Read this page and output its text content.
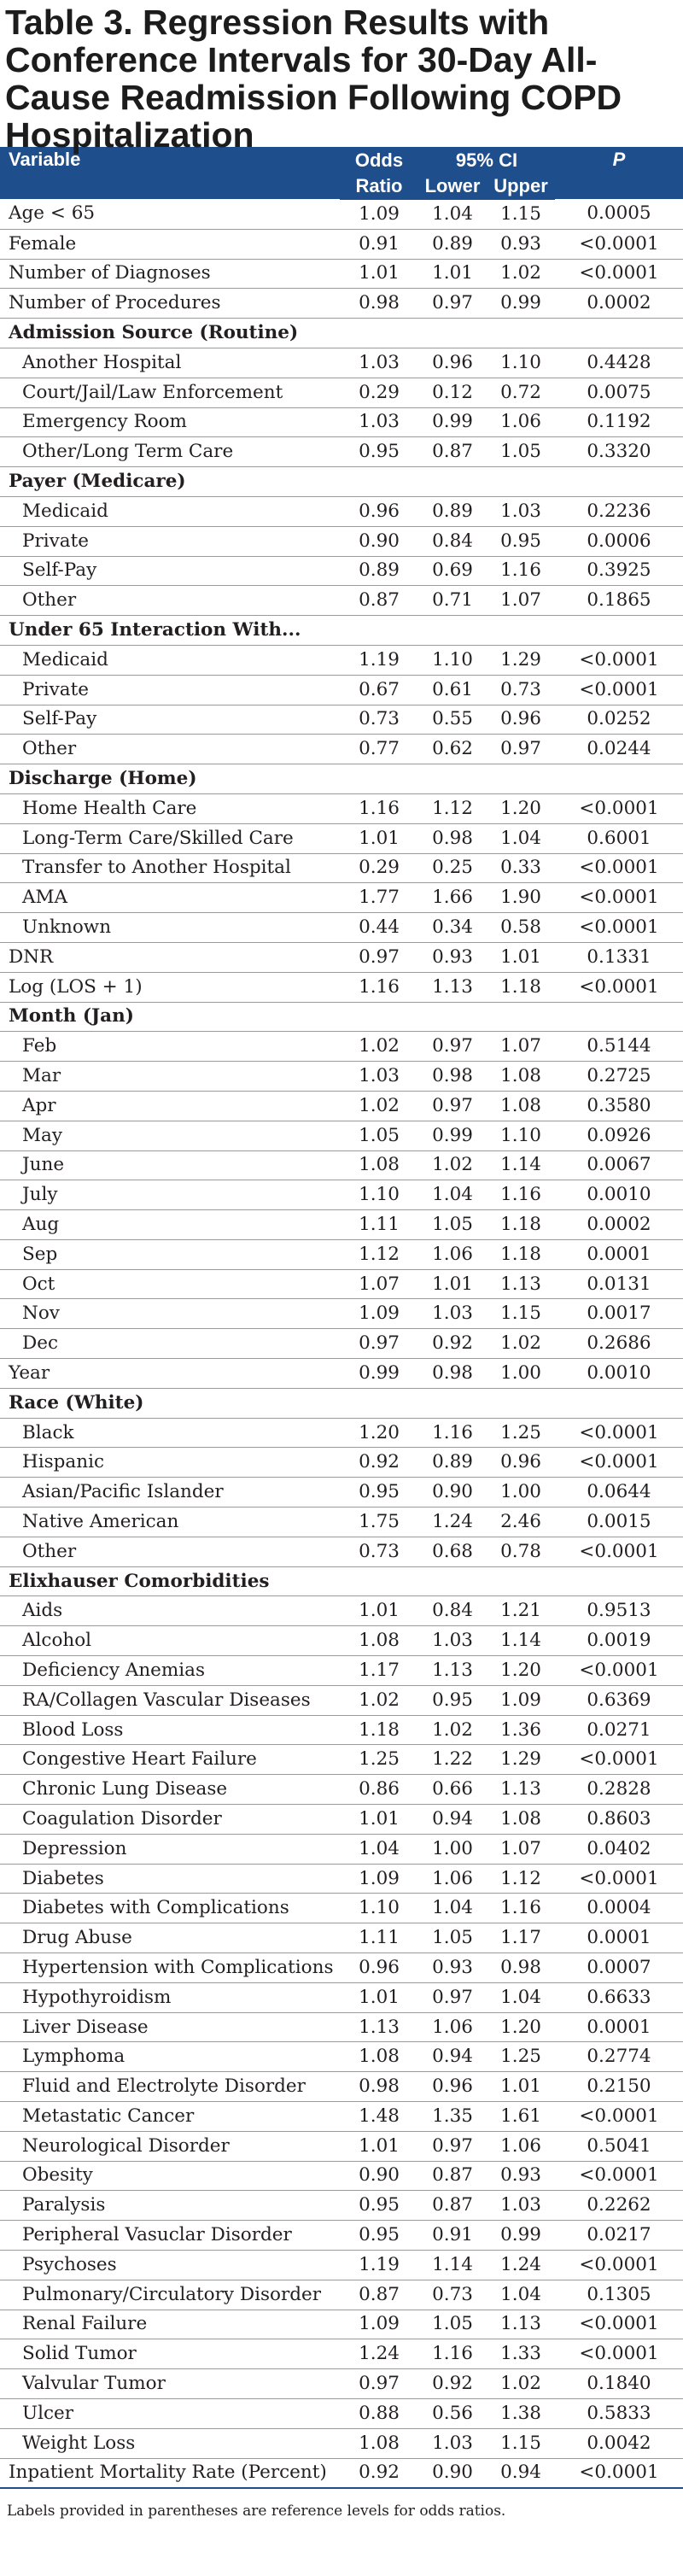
Table 3. Regression Results with Conference Intervals for 30-Day All-Cause Readmission Following COPD Hospitalization
Variable	Odds	95% CI		P
	Ratio	Lower	Upper	
Age < 65	1.09	1.04	1.15	0.0005
Female	0.91	0.89	0.93	<0.0001
Number of Diagnoses	1.01	1.01	1.02	<0.0001
Number of Procedures	0.98	0.97	0.99	0.0002
Admission Source (Routine)				
Another Hospital	1.03	0.96	1.10	0.4428
Court/Jail/Law Enforcement	0.29	0.12	0.72	0.0075
Emergency Room	1.03	0.99	1.06	0.1192
Other/Long Term Care	0.95	0.87	1.05	0.3320
Payer (Medicare)				
Medicaid	0.96	0.89	1.03	0.2236
Private	0.90	0.84	0.95	0.0006
Self-Pay	0.89	0.69	1.16	0.3925
Other	0.87	0.71	1.07	0.1865
Under 65 Interaction With...				
Medicaid	1.19	1.10	1.29	<0.0001
Private	0.67	0.61	0.73	<0.0001
Self-Pay	0.73	0.55	0.96	0.0252
Other	0.77	0.62	0.97	0.0244
Discharge (Home)				
Home Health Care	1.16	1.12	1.20	<0.0001
Long-Term Care/Skilled Care	1.01	0.98	1.04	0.6001
Transfer to Another Hospital	0.29	0.25	0.33	<0.0001
AMA	1.77	1.66	1.90	<0.0001
Unknown	0.44	0.34	0.58	<0.0001
DNR	0.97	0.93	1.01	0.1331
Log (LOS + 1)	1.16	1.13	1.18	<0.0001
Month (Jan)				
Feb	1.02	0.97	1.07	0.5144
Mar	1.03	0.98	1.08	0.2725
Apr	1.02	0.97	1.08	0.3580
May	1.05	0.99	1.10	0.0926
June	1.08	1.02	1.14	0.0067
July	1.10	1.04	1.16	0.0010
Aug	1.11	1.05	1.18	0.0002
Sep	1.12	1.06	1.18	0.0001
Oct	1.07	1.01	1.13	0.0131
Nov	1.09	1.03	1.15	0.0017
Dec	0.97	0.92	1.02	0.2686
Year	0.99	0.98	1.00	0.0010
Race (White)				
Black	1.20	1.16	1.25	<0.0001
Hispanic	0.92	0.89	0.96	<0.0001
Asian/Pacific Islander	0.95	0.90	1.00	0.0644
Native American	1.75	1.24	2.46	0.0015
Other	0.73	0.68	0.78	<0.0001
Elixhauser Comorbidities				
Aids	1.01	0.84	1.21	0.9513
Alcohol	1.08	1.03	1.14	0.0019
Deficiency Anemias	1.17	1.13	1.20	<0.0001
RA/Collagen Vascular Diseases	1.02	0.95	1.09	0.6369
Blood Loss	1.18	1.02	1.36	0.0271
Congestive Heart Failure	1.25	1.22	1.29	<0.0001
Chronic Lung Disease	0.86	0.66	1.13	0.2828
Coagulation Disorder	1.01	0.94	1.08	0.8603
Depression	1.04	1.00	1.07	0.0402
Diabetes	1.09	1.06	1.12	<0.0001
Diabetes with Complications	1.10	1.04	1.16	0.0004
Drug Abuse	1.11	1.05	1.17	0.0001
Hypertension with Complications	0.96	0.93	0.98	0.0007
Hypothyroidism	1.01	0.97	1.04	0.6633
Liver Disease	1.13	1.06	1.20	0.0001
Lymphoma	1.08	0.94	1.25	0.2774
Fluid and Electrolyte Disorder	0.98	0.96	1.01	0.2150
Metastatic Cancer	1.48	1.35	1.61	<0.0001
Neurological Disorder	1.01	0.97	1.06	0.5041
Obesity	0.90	0.87	0.93	<0.0001
Paralysis	0.95	0.87	1.03	0.2262
Peripheral Vasuclar Disorder	0.95	0.91	0.99	0.0217
Psychoses	1.19	1.14	1.24	<0.0001
Pulmonary/Circulatory Disorder	0.87	0.73	1.04	0.1305
Renal Failure	1.09	1.05	1.13	<0.0001
Solid Tumor	1.24	1.16	1.33	<0.0001
Valvular Tumor	0.97	0.92	1.02	0.1840
Ulcer	0.88	0.56	1.38	0.5833
Weight Loss	1.08	1.03	1.15	0.0042
Inpatient Mortality Rate (Percent)	0.92	0.90	0.94	<0.0001
Labels provided in parentheses are reference levels for odds ratios.
